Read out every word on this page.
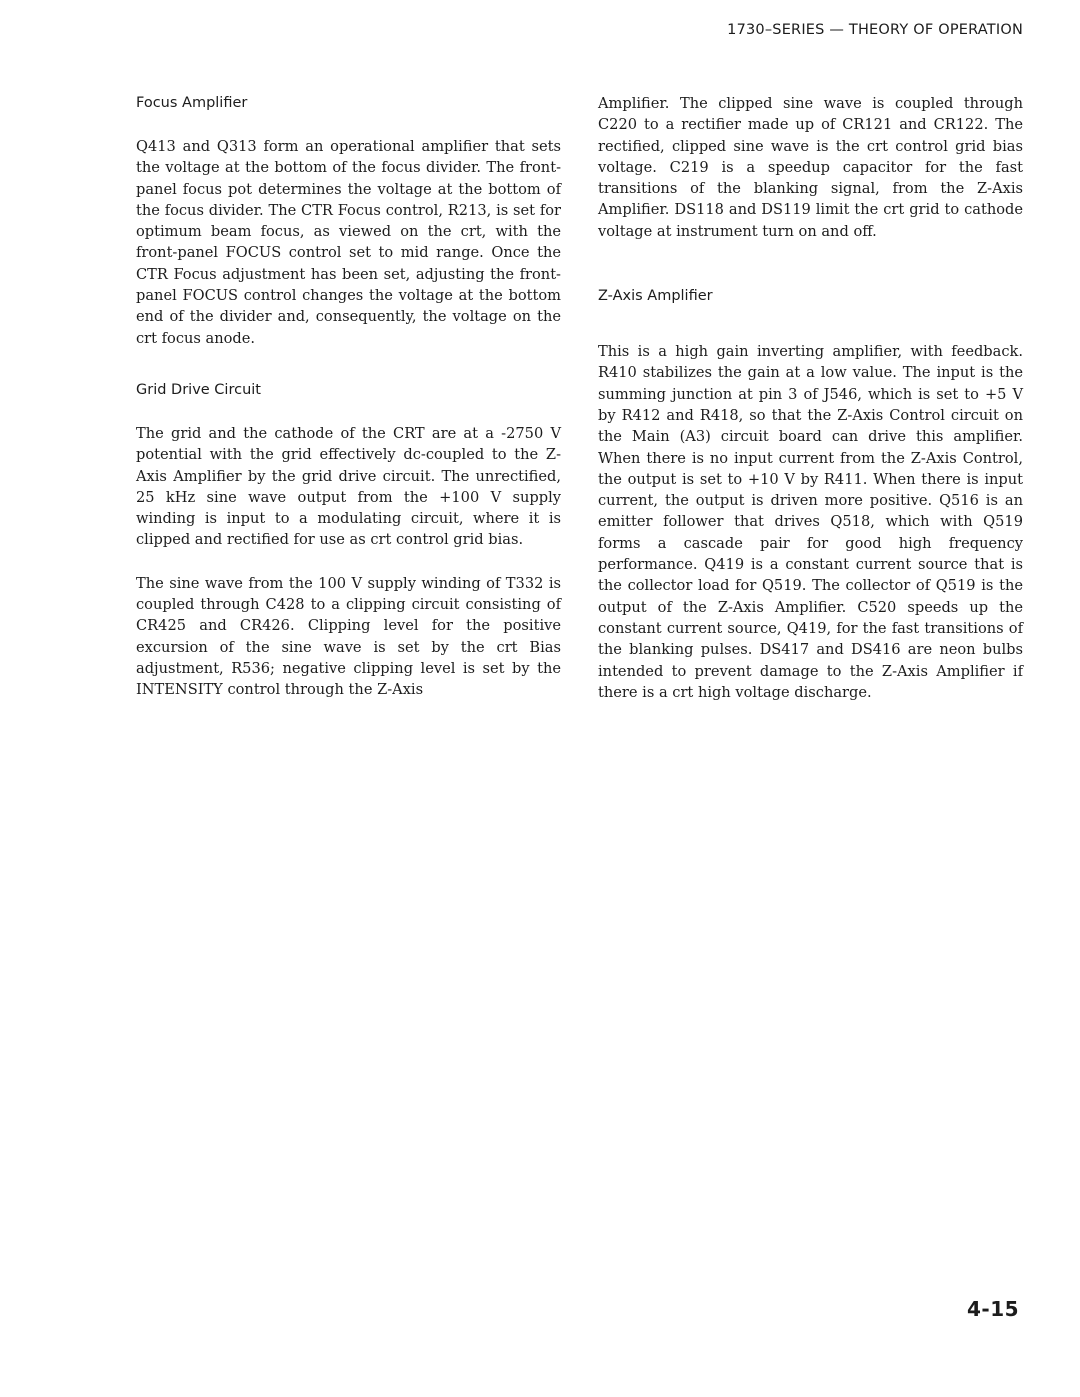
1730–SERIES — THEORY OF OPERATION
Focus Amplifier

Q413 and Q313 form an operational amplifier that sets the voltage at the bottom of the focus divider. The front-panel focus pot determines the voltage at the bottom of the focus divider. The CTR Focus control, R213, is set for optimum beam focus, as viewed on the crt, with the front-panel FOCUS control set to mid range. Once the CTR Focus adjustment has been set, adjusting the front-panel FOCUS control changes the voltage at the bottom end of the divider and, consequently, the voltage on the crt focus anode.

Grid Drive Circuit

The grid and the cathode of the CRT are at a -2750 V potential with the grid effectively dc-coupled to the Z-Axis Amplifier by the grid drive circuit. The unrectified, 25 kHz sine wave output from the +100 V supply winding is input to a modulating circuit, where it is clipped and rectified for use as crt control grid bias.

The sine wave from the 100 V supply winding of T332 is coupled through C428 to a clipping circuit consisting of CR425 and CR426. Clipping level for the positive excursion of the sine wave is set by the crt Bias adjustment, R536; negative clipping level is set by the INTENSITY control through the Z-Axis

Amplifier. The clipped sine wave is coupled through C220 to a rectifier made up of CR121 and CR122. The rectified, clipped sine wave is the crt control grid bias voltage. C219 is a speedup capacitor for the fast transitions of the blanking signal, from the Z-Axis Amplifier. DS118 and DS119 limit the crt grid to cathode voltage at instrument turn on and off.

Z-Axis Amplifier

This is a high gain inverting amplifier, with feedback. R410 stabilizes the gain at a low value. The input is the summing junction at pin 3 of J546, which is set to +5 V by R412 and R418, so that the Z-Axis Control circuit on the Main (A3) circuit board can drive this amplifier. When there is no input current from the Z-Axis Control, the output is set to +10 V by R411. When there is input current, the output is driven more positive. Q516 is an emitter follower that drives Q518, which with Q519 forms a cascade pair for good high frequency performance. Q419 is a constant current source that is the collector load for Q519. The collector of Q519 is the output of the Z-Axis Amplifier. C520 speeds up the constant current source, Q419, for the fast transitions of the blanking pulses. DS417 and DS416 are neon bulbs intended to prevent damage to the Z-Axis Amplifier if there is a crt high voltage discharge.

4-15
